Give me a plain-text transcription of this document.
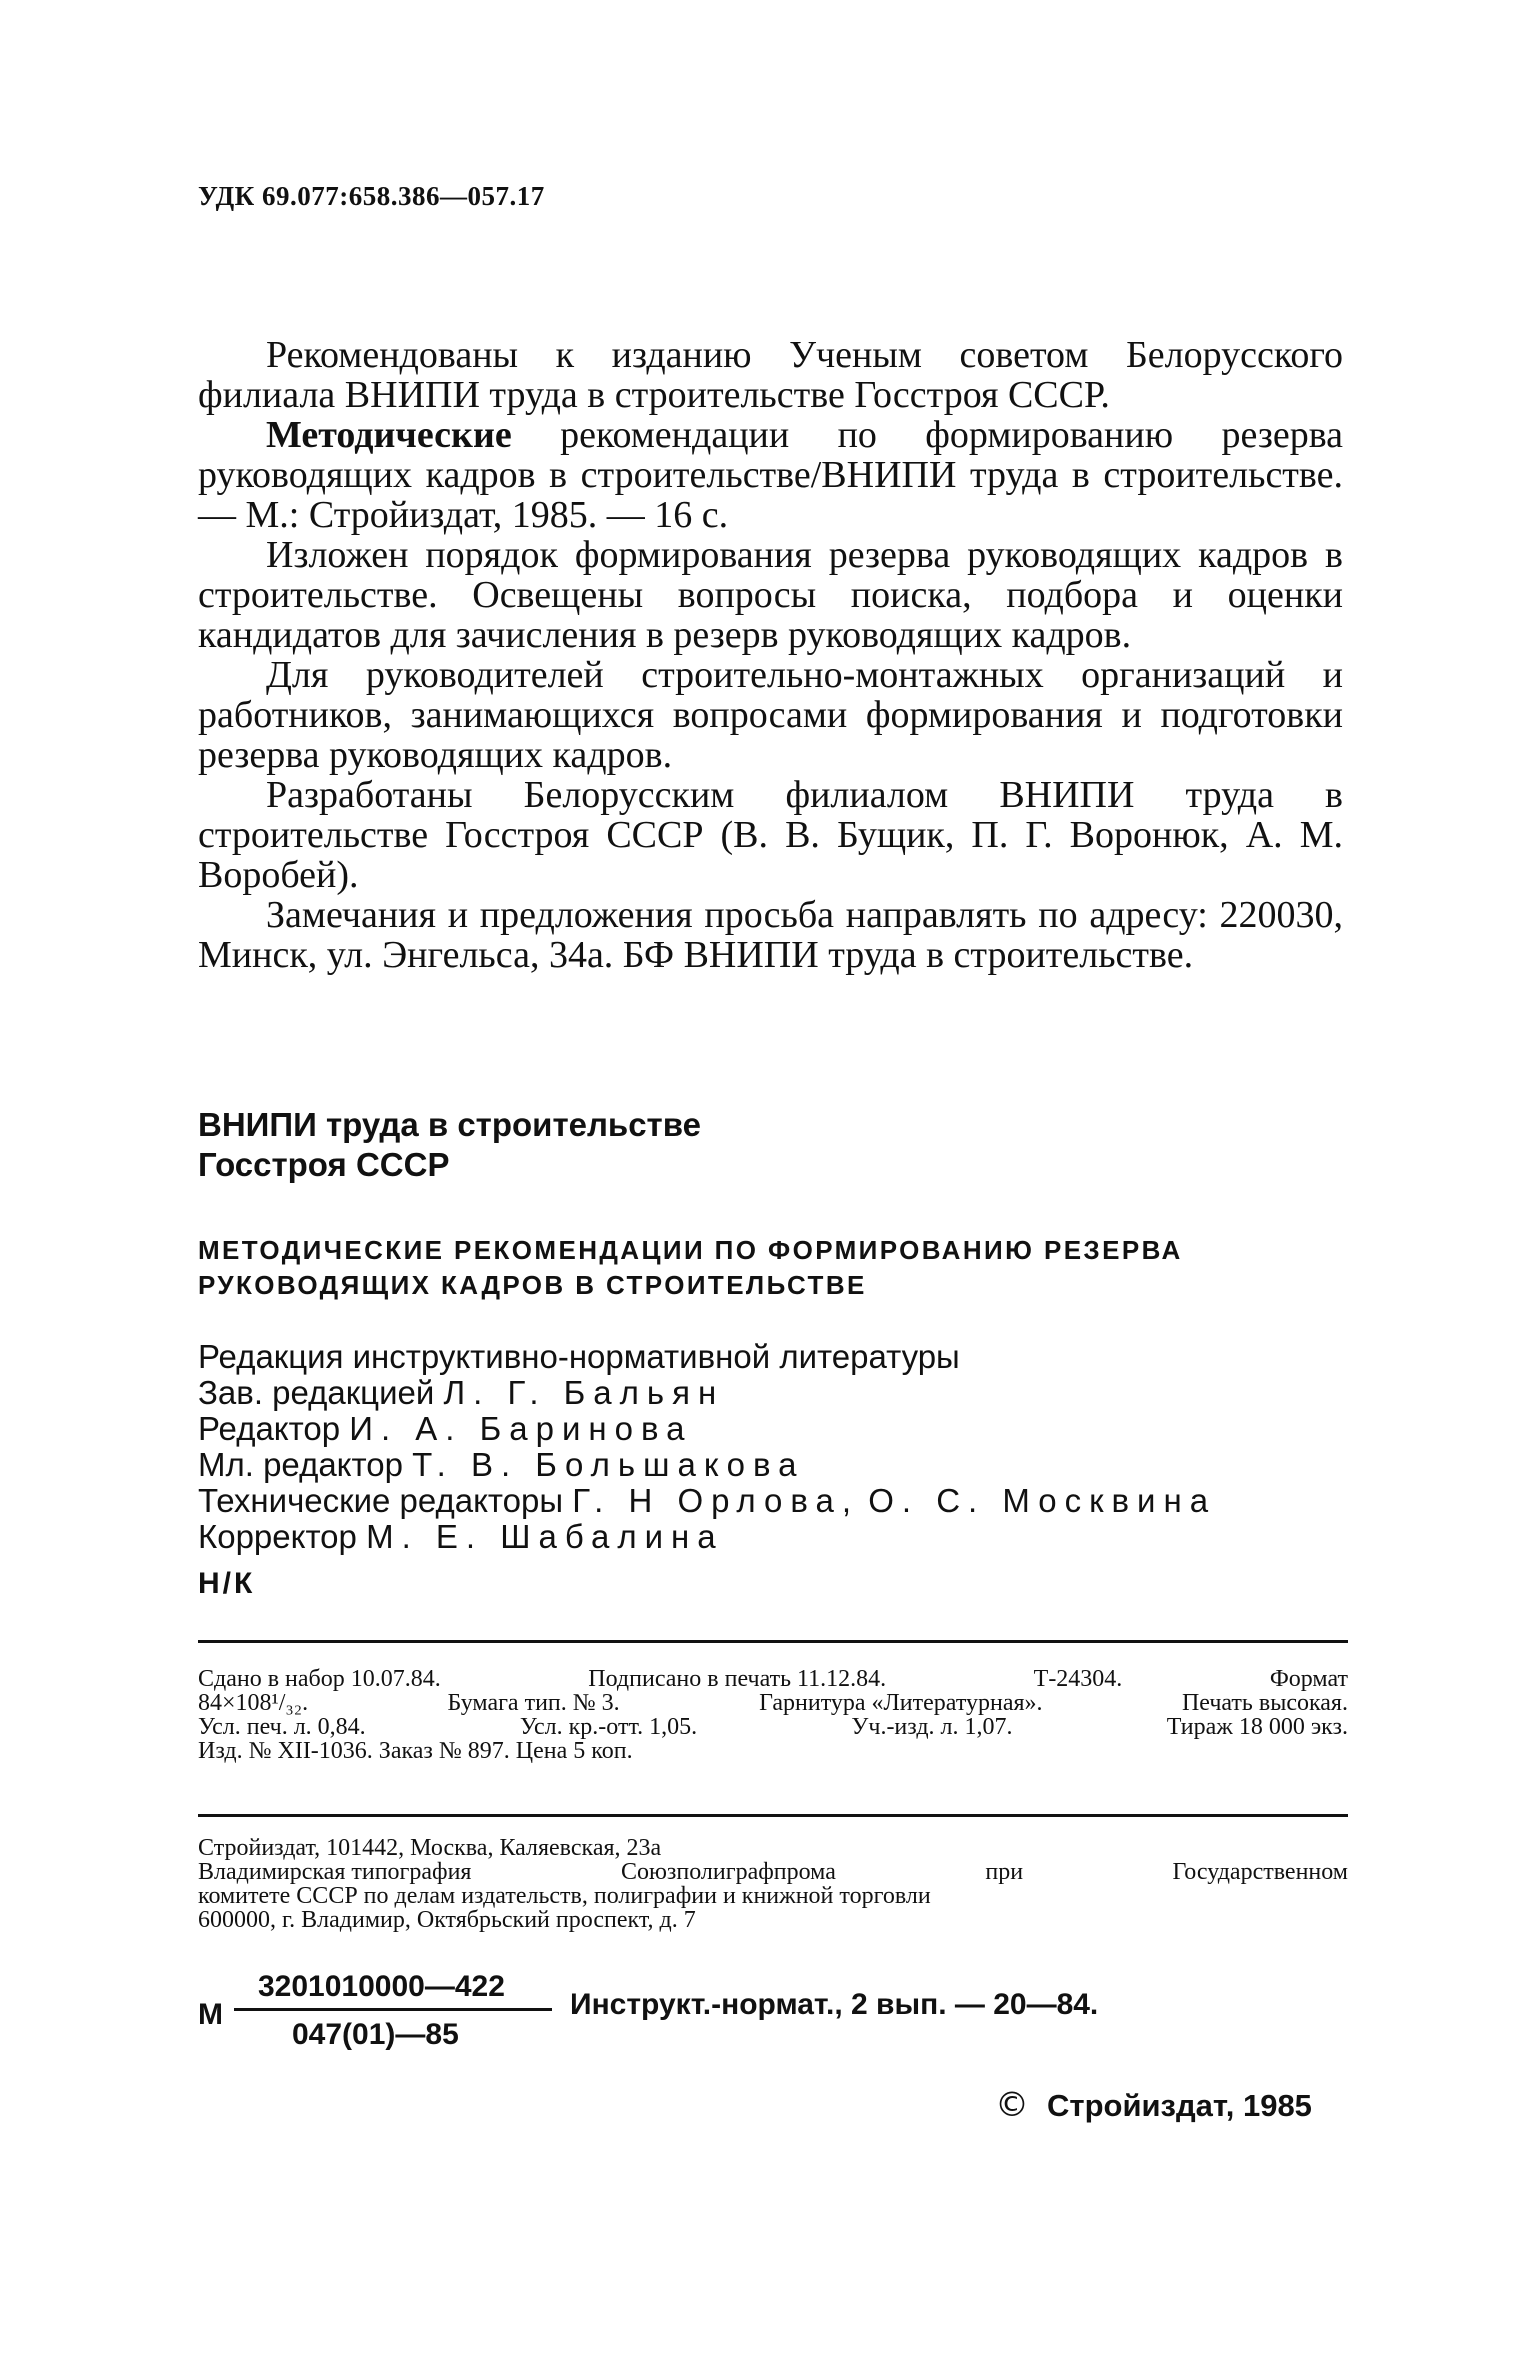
УДК 69.077:658.386—057.17

Рекомендованы к изданию Ученым советом Белорусского филиала ВНИПИ труда в строительстве Госстроя СССР.

Методические рекомендации по формированию резерва руководящих кадров в строительстве/ВНИПИ труда в строительстве. — М.: Стройиздат, 1985. — 16 с.

Изложен порядок формирования резерва руководящих кадров в строительстве. Освещены вопросы поиска, подбора и оценки кандидатов для зачисления в резерв руководящих кадров.

Для руководителей строительно-монтажных организаций и работников, занимающихся вопросами формирования и подготовки резерва руководящих кадров.

Разработаны Белорусским филиалом ВНИПИ труда в строительстве Госстроя СССР (В. В. Бущик, П. Г. Воронюк, А. М. Воробей).

Замечания и предложения просьба направлять по адресу: 220030, Минск, ул. Энгельса, 34а. БФ ВНИПИ труда в строительстве.

ВНИПИ труда в строительстве
Госстроя СССР
МЕТОДИЧЕСКИЕ РЕКОМЕНДАЦИИ ПО ФОРМИРОВАНИЮ РЕЗЕРВА
РУКОВОДЯЩИХ КАДРОВ В СТРОИТЕЛЬСТВЕ
Редакция инструктивно-нормативной литературы
Зав. редакцией Л. Г. Бальян
Редактор И. А. Баринова
Мл. редактор Т. В. Большакова
Технические редакторы Г. Н Орлова, О. С. Москвина
Корректор М. Е. Шабалина
Н/К
Сдано в набор 10.07.84.	Подписано в печать 11.12.84.	Т-24304.	Формат
84×108¹/₃₂.	Бумага тип. № 3.	Гарнитура «Литературная».	Печать высокая.
Усл. печ. л. 0,84.	Усл. кр.-отт. 1,05.	Уч.-изд. л. 1,07.	Тираж 18 000 экз.
Изд. № XII-1036. Заказ № 897. Цена 5 коп.
Стройиздат, 101442, Москва, Каляевская, 23а
Владимирская типография	Союзполиграфпрома	при	Государственном
комитете СССР по делам издательств, полиграфии и книжной торговли
600000, г. Владимир, Октябрьский проспект, д. 7
М
3201010000—422
047(01)—85
Инструкт.-нормат., 2 вып. — 20—84.
© Стройиздат, 1985
